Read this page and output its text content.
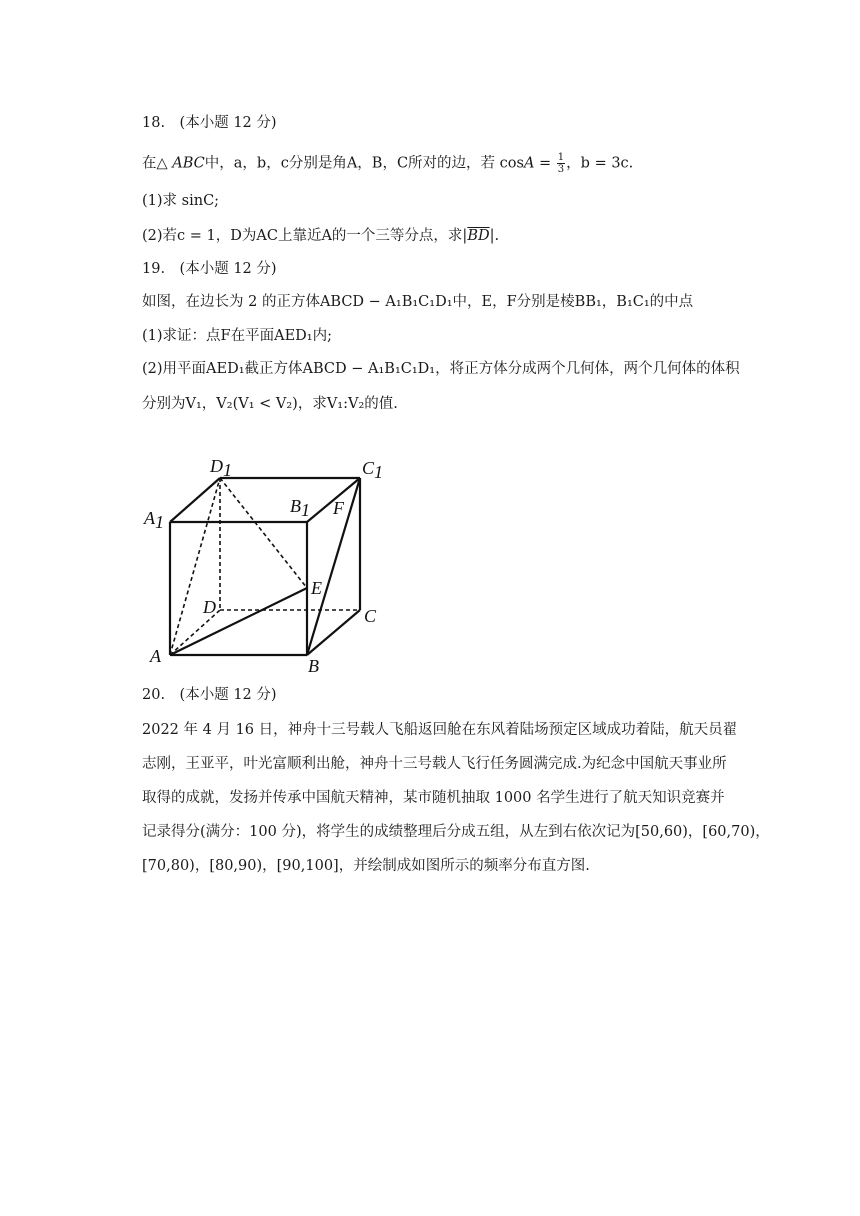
18.　(本小题 12 分)
在△ ABC中，a，b，c分别是角A，B，C所对的边，若 $\cos A = \frac{1}{3}$ ，b = 3c.
(1)求 sinC;
(2)若c = 1，D为AC上靠近A的一个三等分点，求$|\overline{BD}|$.
19.　(本小题 12 分)
如图，在边长为 2 的正方体ABCD − A₁B₁C₁D₁中，E，F分别是棱BB₁，B₁C₁的中点
(1)求证：点F在平面AED₁内;
(2)用平面AED₁截正方体ABCD − A₁B₁C₁D₁，将正方体分成两个几何体，两个几何体的体积
分别为V₁，V₂(V₁ < V₂)，求V₁:V₂的值.
D1	C1
A1
B1 F
E
D	C
A	B
20.　(本小题 12 分)
2022 年 4 月 16 日，神舟十三号载人飞船返回舱在东风着陆场预定区域成功着陆，航天员翟
志刚，王亚平，叶光富顺利出舱，神舟十三号载人飞行任务圆满完成.为纪念中国航天事业所
取得的成就，发扬并传承中国航天精神，某市随机抽取 1000 名学生进行了航天知识竞赛并
记录得分(满分：100 分)，将学生的成绩整理后分成五组，从左到右依次记为[50,60)，[60,70)，
[70,80)，[80,90)，[90,100]，并绘制成如图所示的频率分布直方图.
